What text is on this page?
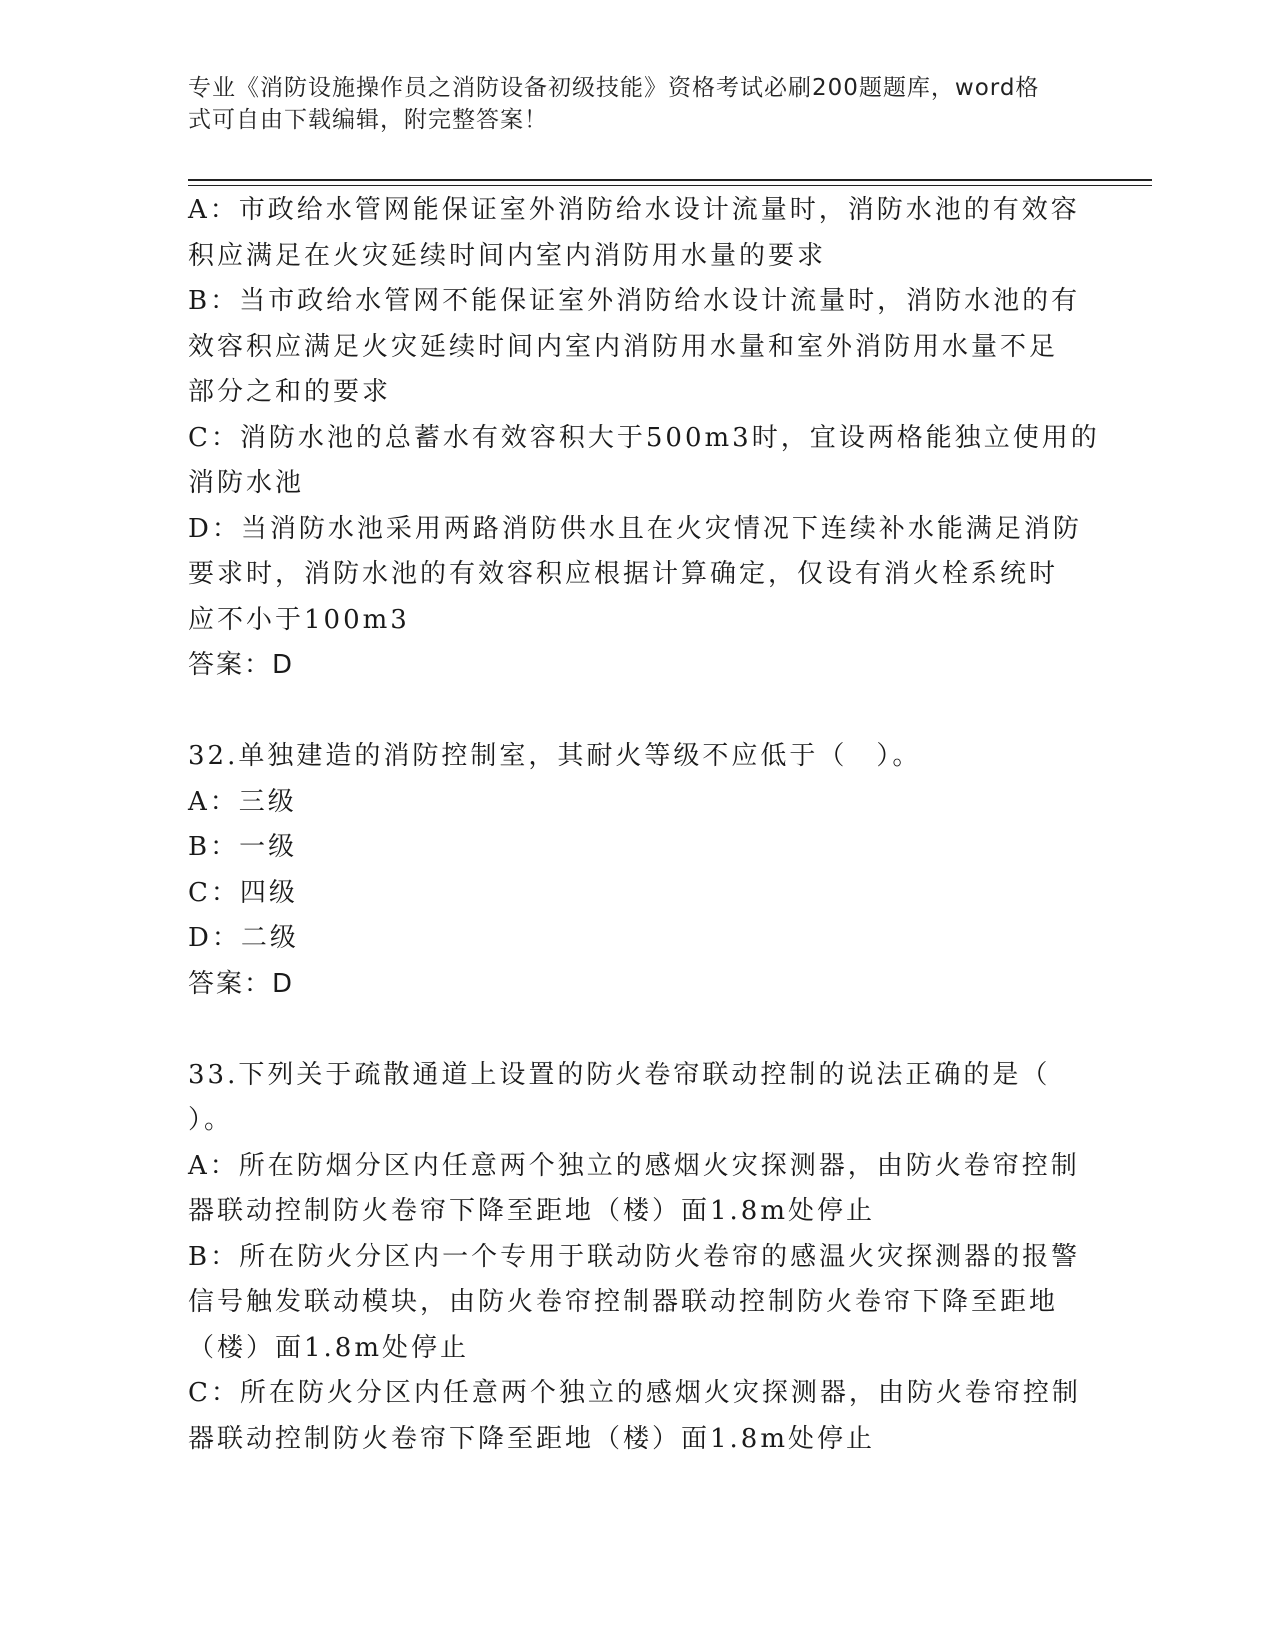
专业《消防设施操作员之消防设备初级技能》资格考试必刷200题题库，word格
式可自由下载编辑，附完整答案！
A：市政给水管网能保证室外消防给水设计流量时，消防水池的有效容
积应满足在火灾延续时间内室内消防用水量的要求
B：当市政给水管网不能保证室外消防给水设计流量时，消防水池的有
效容积应满足火灾延续时间内室内消防用水量和室外消防用水量不足
部分之和的要求
C：消防水池的总蓄水有效容积大于500m3时，宜设两格能独立使用的
消防水池
D：当消防水池采用两路消防供水且在火灾情况下连续补水能满足消防
要求时，消防水池的有效容积应根据计算确定，仅设有消火栓系统时
应不小于100m3
答案：D
32.单独建造的消防控制室，其耐火等级不应低于（　）。
A：三级
B：一级
C：四级
D：二级
答案：D
33.下列关于疏散通道上设置的防火卷帘联动控制的说法正确的是（
）。
A：所在防烟分区内任意两个独立的感烟火灾探测器，由防火卷帘控制
器联动控制防火卷帘下降至距地（楼）面1.8m处停止
B：所在防火分区内一个专用于联动防火卷帘的感温火灾探测器的报警
信号触发联动模块，由防火卷帘控制器联动控制防火卷帘下降至距地
（楼）面1.8m处停止
C：所在防火分区内任意两个独立的感烟火灾探测器，由防火卷帘控制
器联动控制防火卷帘下降至距地（楼）面1.8m处停止
